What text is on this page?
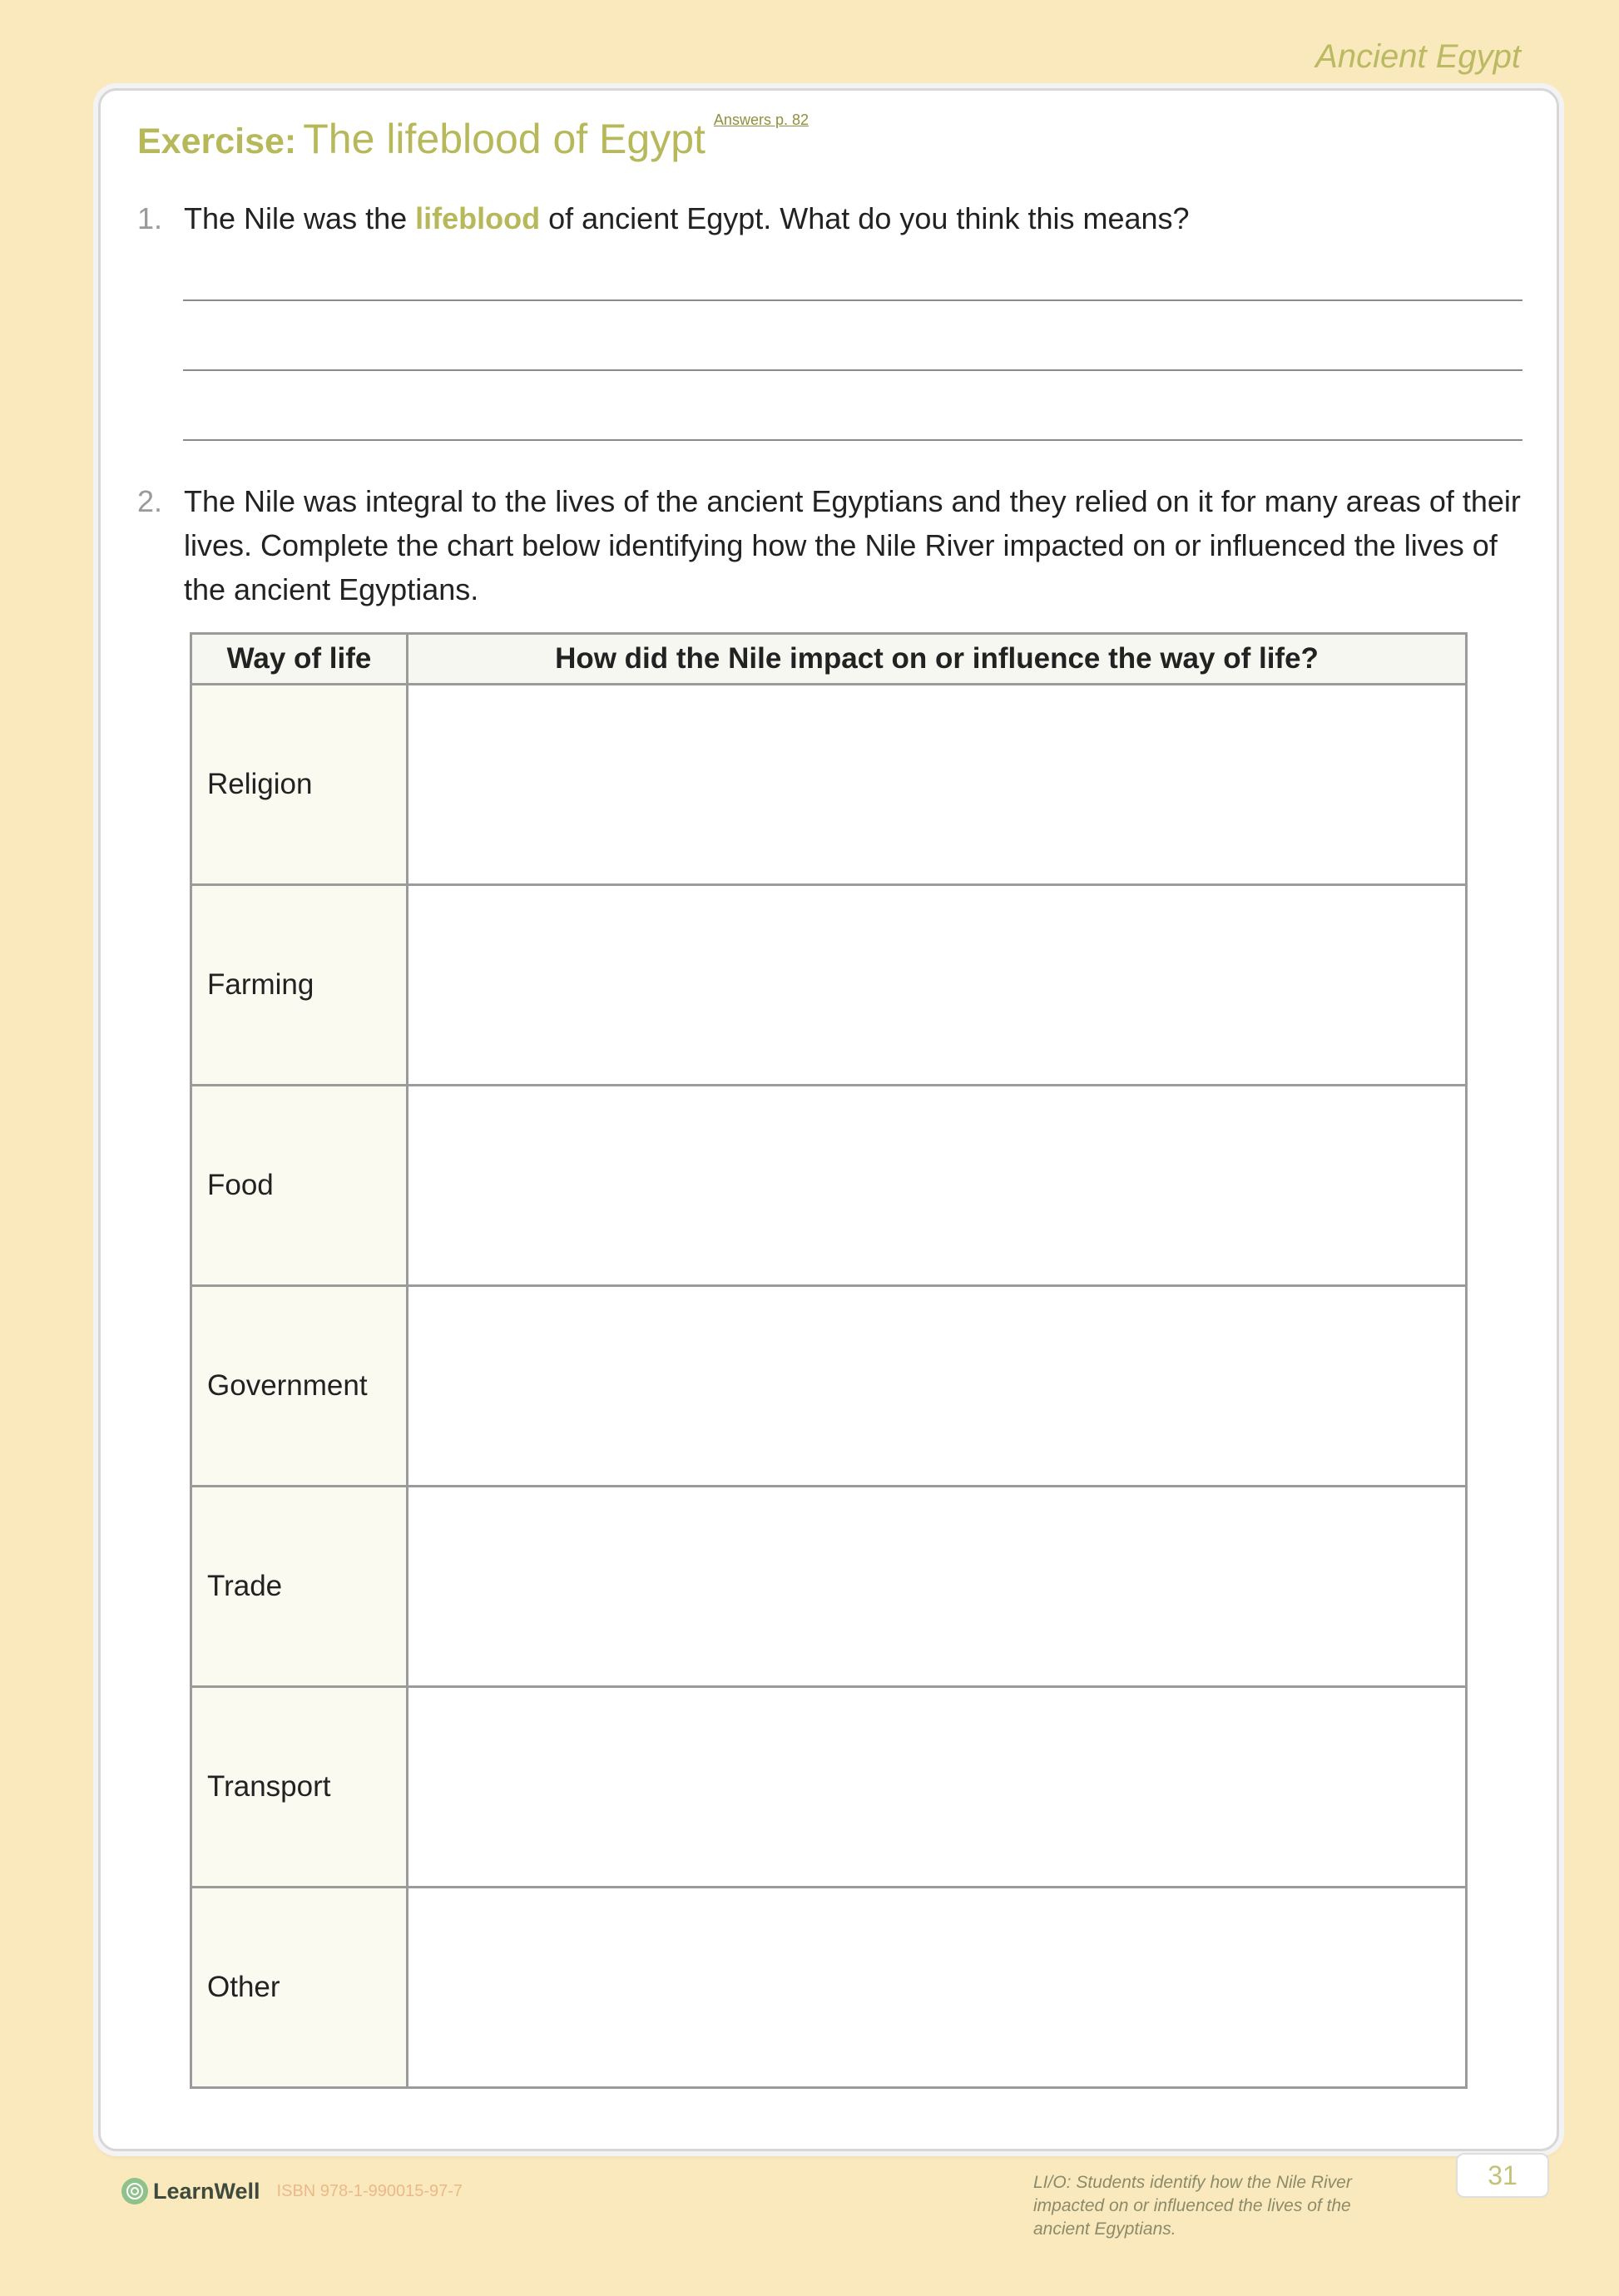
Ancient Egypt
Exercise: The lifeblood of Egypt Answers p. 82
1. The Nile was the lifeblood of ancient Egypt. What do you think this means?
2. The Nile was integral to the lives of the ancient Egyptians and they relied on it for many areas of their lives. Complete the chart below identifying how the Nile River impacted on or influenced the lives of the ancient Egyptians.
Way of life	How did the Nile impact on or influence the way of life?
Religion	
Farming	
Food	
Government	
Trade	
Transport	
Other	
LearnWell ISBN 978-1-990015-97-7	LI/O: Students identify how the Nile River impacted on or influenced the lives of the ancient Egyptians.
31
